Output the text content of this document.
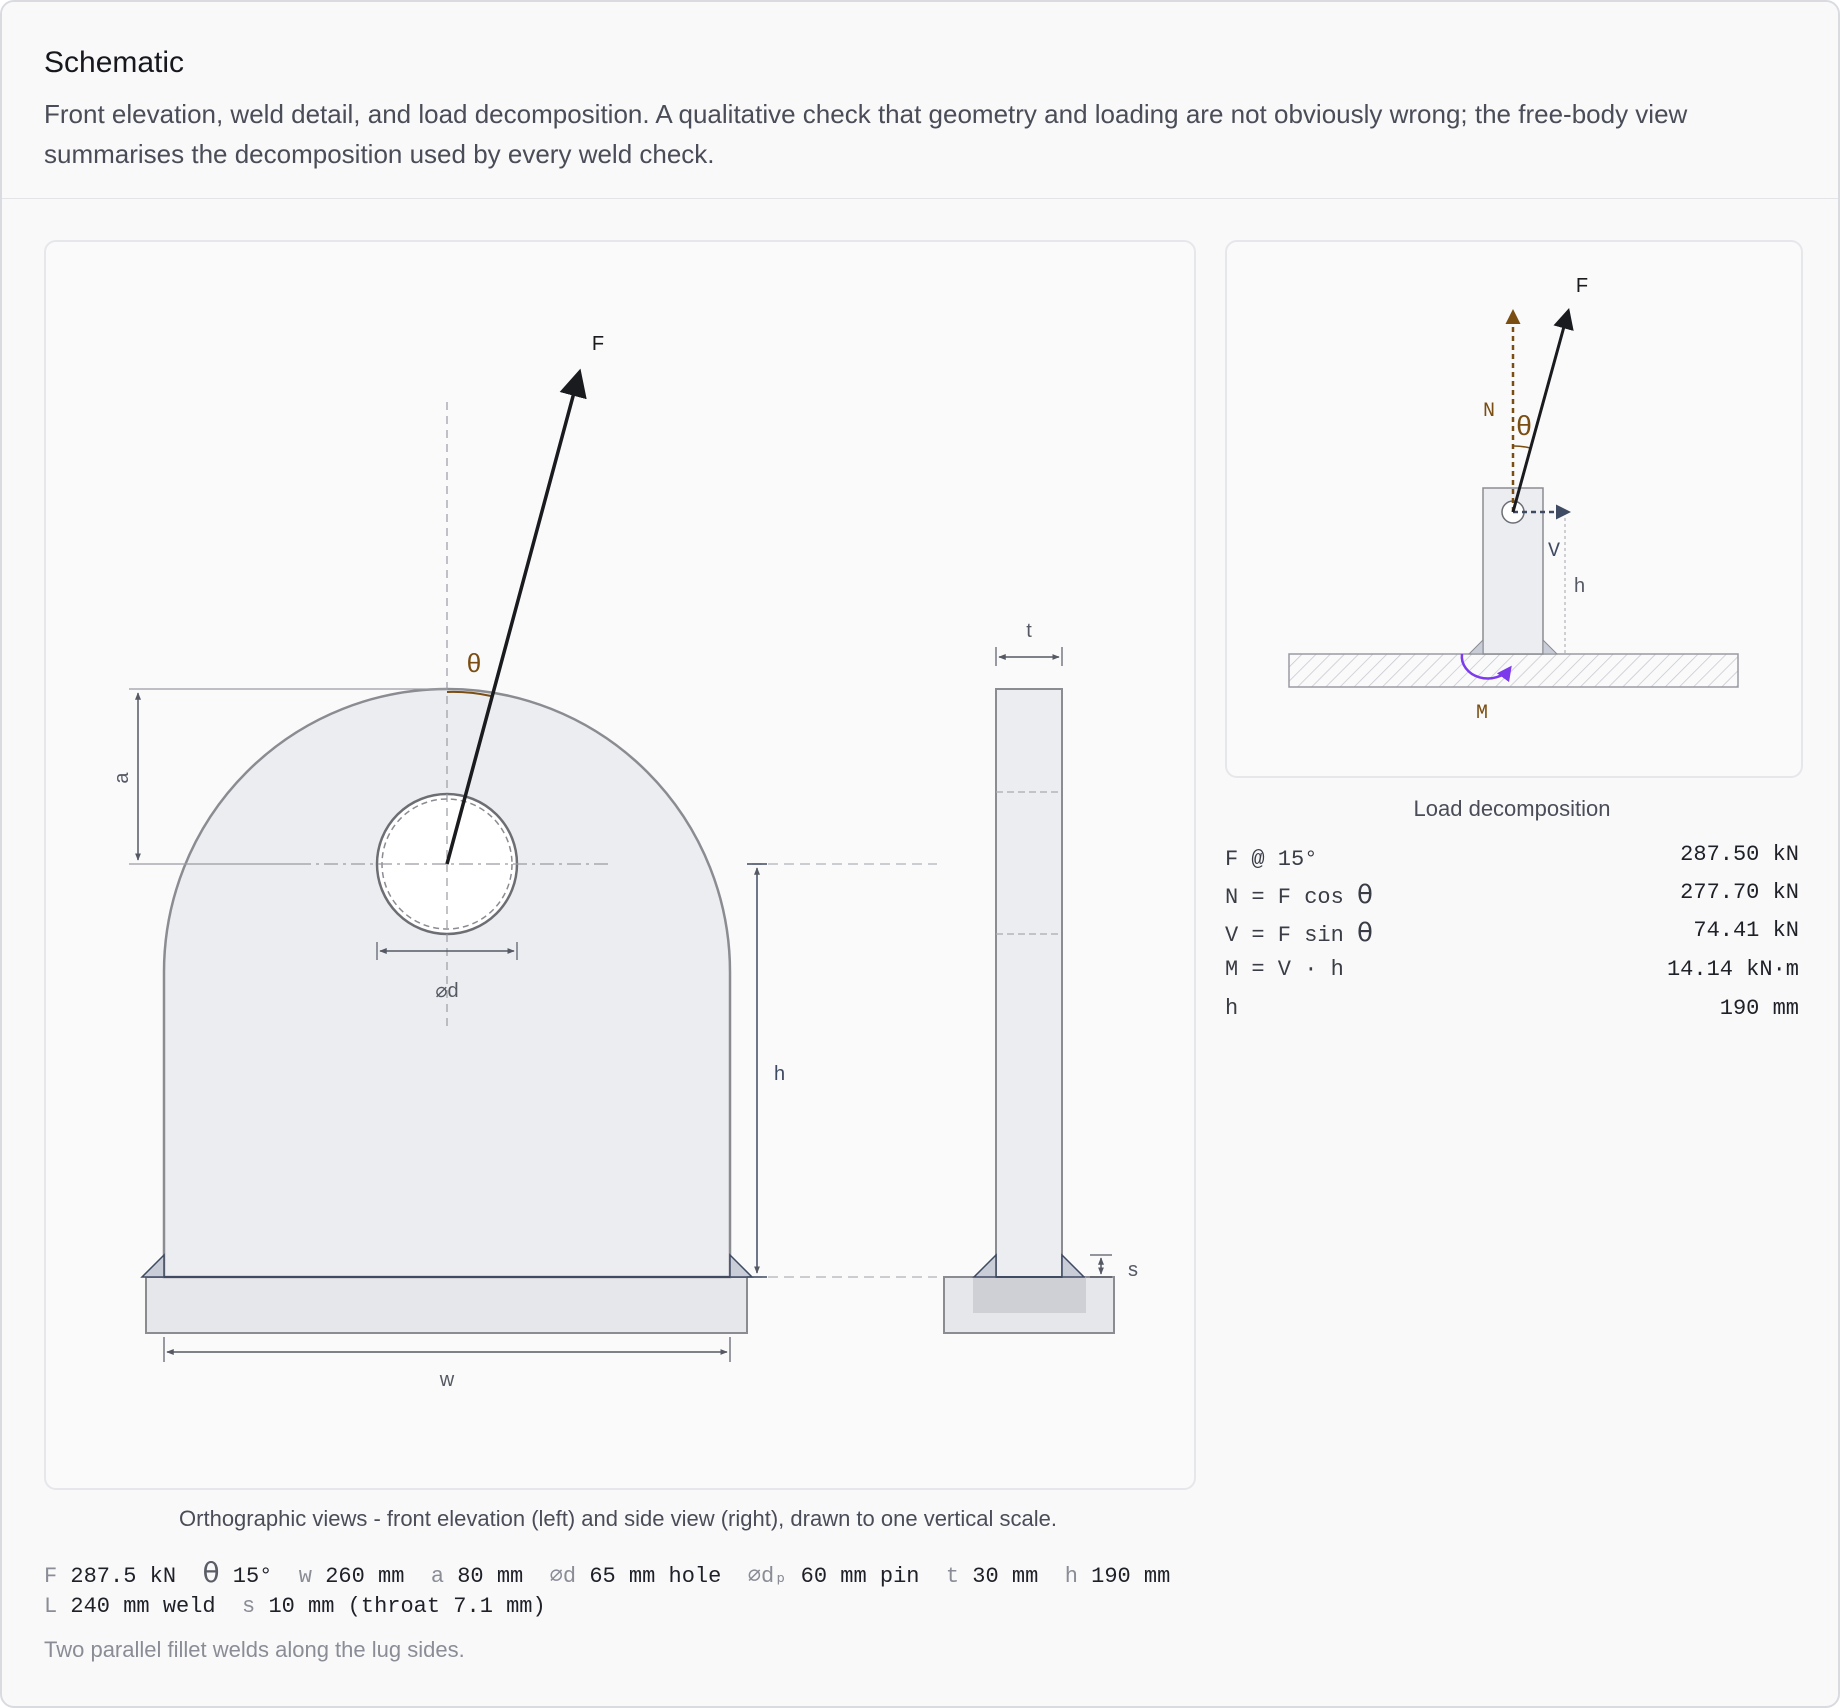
Schematic
Front elevation, weld detail, and load decomposition. A qualitative check that geometry and loading are not obviously wrong; the free-body view summarises the decomposition used by every weld check.
a
⌀d
w
h
θ
F
t
s
Orthographic views - front elevation (left) and side view (right), drawn to one vertical scale.
F 287.5 kN θ 15° w 260 mm a 80 mm ⌀d 65 mm hole ⌀dₚ 60 mm pin t 30 mm h 190 mm
L 240 mm weld s 10 mm (throat 7.1 mm)
Two parallel fillet welds along the lug sides.
h
N θ
V
F
M
Load decomposition
F @ 15°	287.50 kN
N = F cos θ	277.70 kN
V = F sin θ	74.41 kN
M = V · h	14.14 kN·m
h	190 mm
